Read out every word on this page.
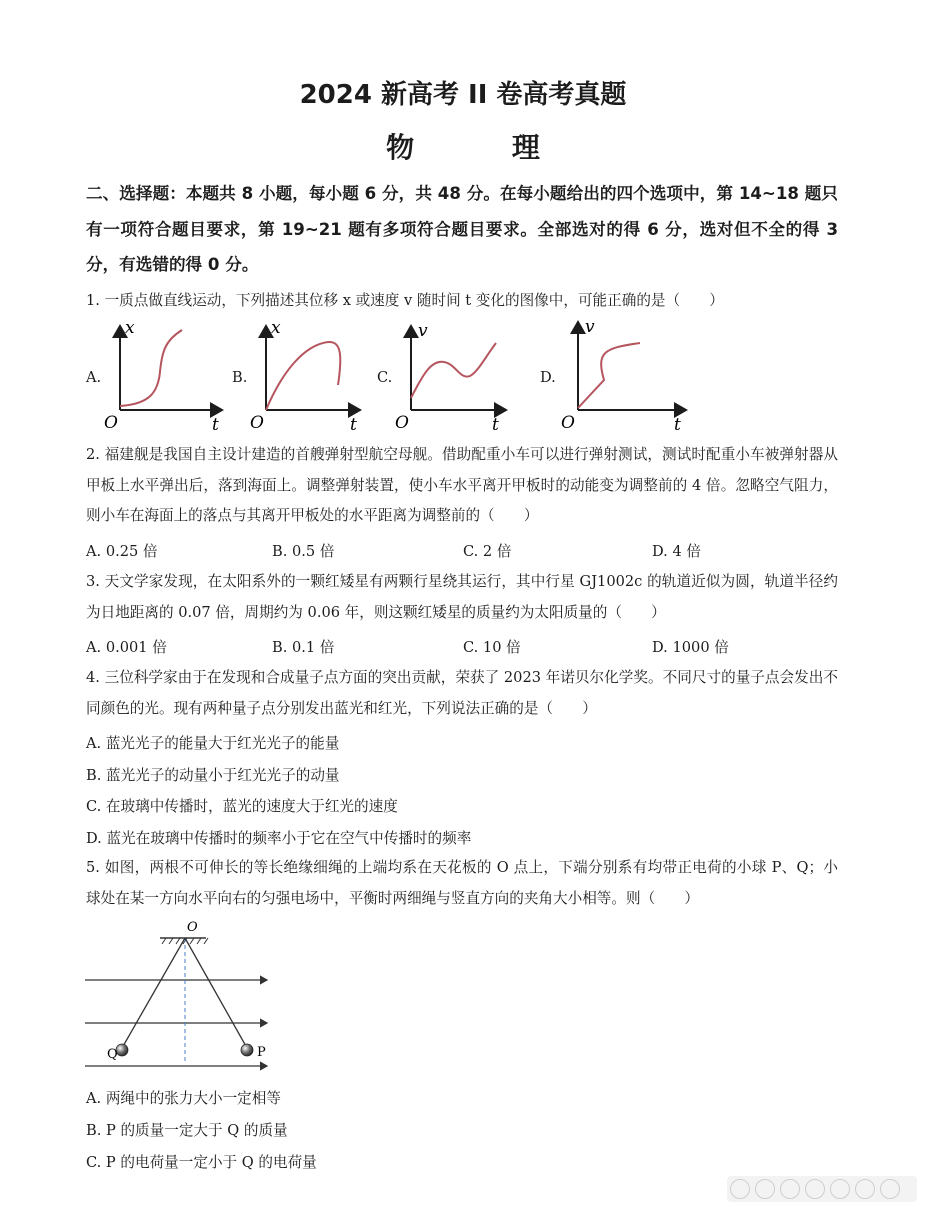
2024 新高考 II 卷高考真题
物 理
二、选择题：本题共 8 小题，每小题 6 分，共 48 分。在每小题给出的四个选项中，第 14~18 题只有一项符合题目要求，第 19~21 题有多项符合题目要求。全部选对的得 6 分，选对但不全的得 3 分，有选错的得 0 分。
1. 一质点做直线运动，下列描述其位移 x 或速度 v 随时间 t 变化的图像中，可能正确的是（　　）
A.	B.	C.	D.
x
O	t
x
O	t
v
O	t
v
O	t
2. 福建舰是我国自主设计建造的首艘弹射型航空母舰。借助配重小车可以进行弹射测试，测试时配重小车被弹射器从甲板上水平弹出后，落到海面上。调整弹射装置，使小车水平离开甲板时的动能变为调整前的 4 倍。忽略空气阻力，则小车在海面上的落点与其离开甲板处的水平距离为调整前的（　　）
A. 0.25 倍	B. 0.5 倍	C. 2 倍	D. 4 倍
3. 天文学家发现，在太阳系外的一颗红矮星有两颗行星绕其运行，其中行星 GJ1002c 的轨道近似为圆，轨道半径约为日地距离的 0.07 倍，周期约为 0.06 年，则这颗红矮星的质量约为太阳质量的（　　）
A. 0.001 倍	B. 0.1 倍	C. 10 倍	D. 1000 倍
4. 三位科学家由于在发现和合成量子点方面的突出贡献，荣获了 2023 年诺贝尔化学奖。不同尺寸的量子点会发出不同颜色的光。现有两种量子点分别发出蓝光和红光，下列说法正确的是（　　）
A. 蓝光光子的能量大于红光光子的能量
B. 蓝光光子的动量小于红光光子的动量
C. 在玻璃中传播时，蓝光的速度大于红光的速度
D. 蓝光在玻璃中传播时的频率小于它在空气中传播时的频率
5. 如图，两根不可伸长的等长绝缘细绳的上端均系在天花板的 O 点上，下端分别系有均带正电荷的小球 P、Q；小球处在某一方向水平向右的匀强电场中，平衡时两细绳与竖直方向的夹角大小相等。则（　　）
O
Q	P
A. 两绳中的张力大小一定相等
B. P 的质量一定大于 Q 的质量
C. P 的电荷量一定小于 Q 的电荷量
